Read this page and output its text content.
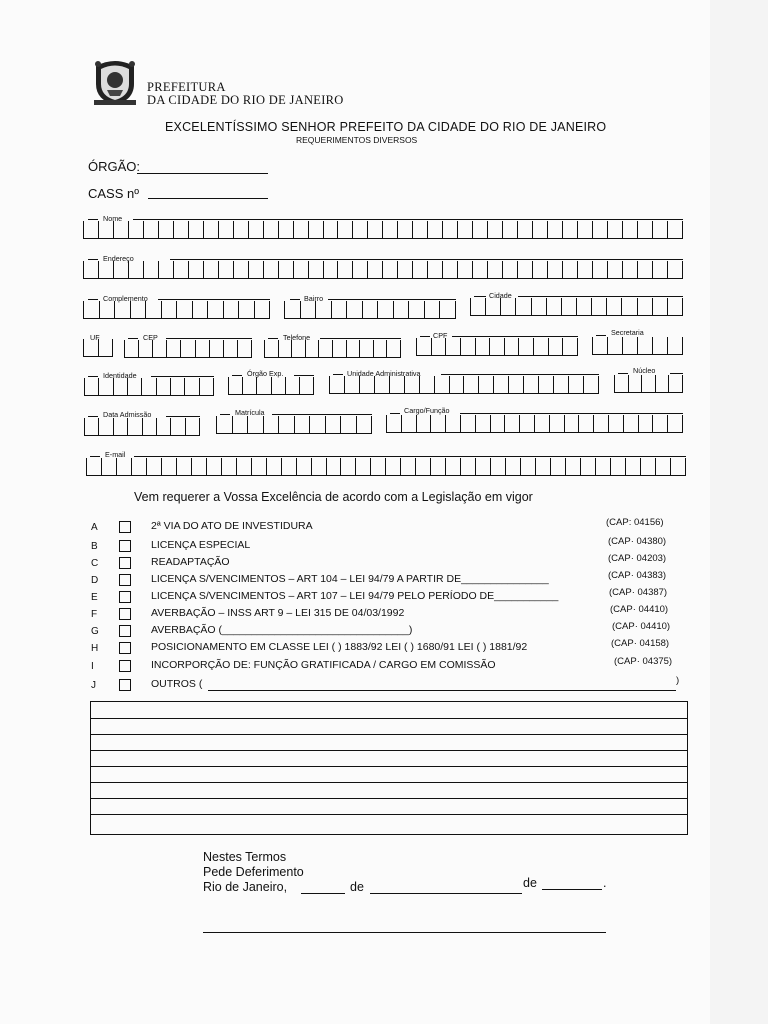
PREFEITURA
DA CIDADE DO RIO DE JANEIRO
EXCELENTÍSSIMO SENHOR PREFEITO DA CIDADE DO RIO DE JANEIRO
REQUERIMENTOS DIVERSOS
ÓRGÃO:
CASS nº
Nome
Endereço
Complemento	Bairro	Cidade
UF	CEP	Telefone	CPF	Secretaria
Identidade	Órgão Exp.	Unidade Administrativa	Núcleo
Data Admissão	Matrícula	Cargo/Função
E-mail
Vem requerer a Vossa Excelência de acordo com a Legislação em vigor
A	2ª VIA DO ATO DE INVESTIDURA	(CAP: 04156)
B	LICENÇA ESPECIAL	(CAP· 04380)
C	READAPTAÇÃO	(CAP· 04203)
D	LICENÇA S/VENCIMENTOS – ART 104 – LEI 94/79 A PARTIR DE_______________	(CAP· 04383)
E	LICENÇA S/VENCIMENTOS – ART 107 – LEI 94/79 PELO PERÍODO DE___________	(CAP· 04387)
F	AVERBAÇÃO – INSS ART 9 – LEI 315 DE 04/03/1992	(CAP· 04410)
G	AVERBAÇÃO (________________________________)	(CAP· 04410)
H	POSICIONAMENTO EM CLASSE LEI ( ) 1883/92 LEI ( ) 1680/91 LEI ( ) 1881/92	(CAP· 04158)
I	INCORPORÇÃO DE: FUNÇÃO GRATIFICADA / CARGO EM COMISSÃO	(CAP· 04375)
J	OUTROS (	)
Nestes Termos
Pede Deferimento
Rio de Janeiro,	de	de	.
